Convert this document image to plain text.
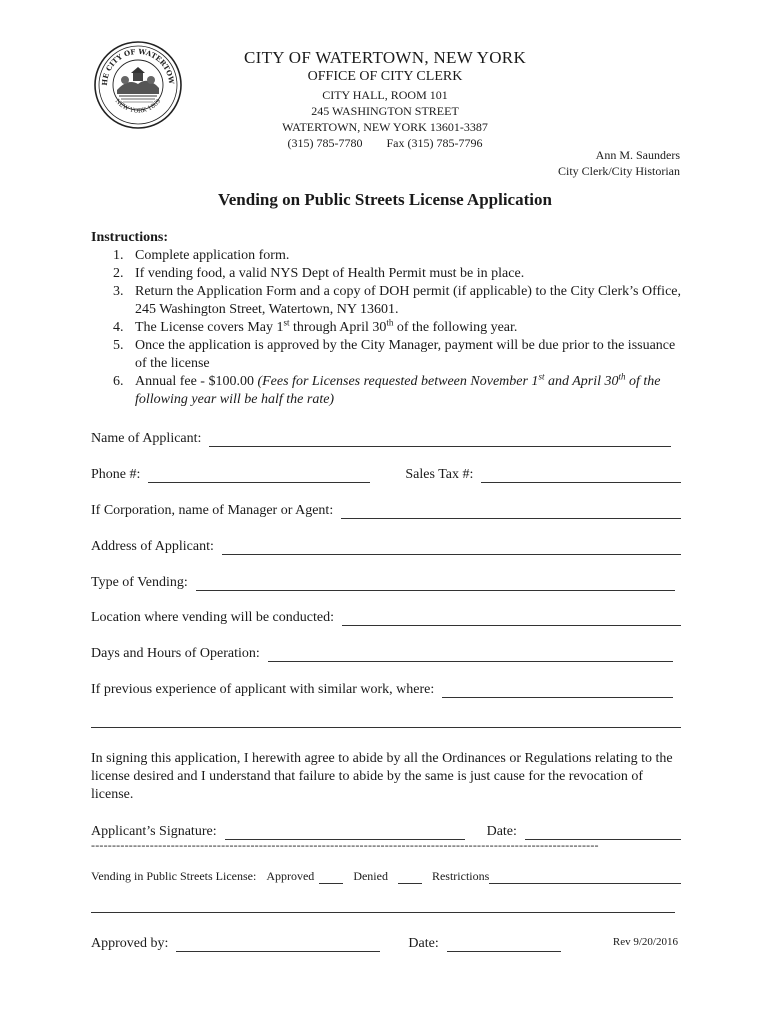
HE CITY OF WATERTOW
NEW YORK 1869
CITY OF WATERTOWN, NEW YORK
OFFICE OF CITY CLERK
CITY HALL, ROOM 101
245 WASHINGTON STREET
WATERTOWN, NEW YORK 13601-3387
(315) 785-7780 Fax (315) 785-7796
Ann M. Saunders
City Clerk/City Historian
Vending on Public Streets License Application
Instructions:
1. Complete application form.
2. If vending food, a valid NYS Dept of Health Permit must be in place.
3. Return the Application Form and a copy of DOH permit (if applicable) to the City Clerk’s Office, 245 Washington Street, Watertown, NY 13601.
4. The License covers May 1st through April 30th of the following year.
5. Once the application is approved by the City Manager, payment will be due prior to the issuance of the license
6. Annual fee - $100.00 (Fees for Licenses requested between November 1st and April 30th of the following year will be half the rate)
Name of Applicant:
Phone #:	Sales Tax #:
If Corporation, name of Manager or Agent:
Address of Applicant:
Type of Vending:
Location where vending will be conducted:
Days and Hours of Operation:
If previous experience of applicant with similar work, where:
In signing this application, I herewith agree to abide by all the Ordinances or Regulations relating to the license desired and I understand that failure to abide by the same is just cause for the revocation of license.
Applicant’s Signature:	Date:
-------------------------------------------------------------------------------------------------------------------------
Vending in Public Streets License: Approved	Denied	Restrictions
Approved by:	Date:	Rev 9/20/2016
